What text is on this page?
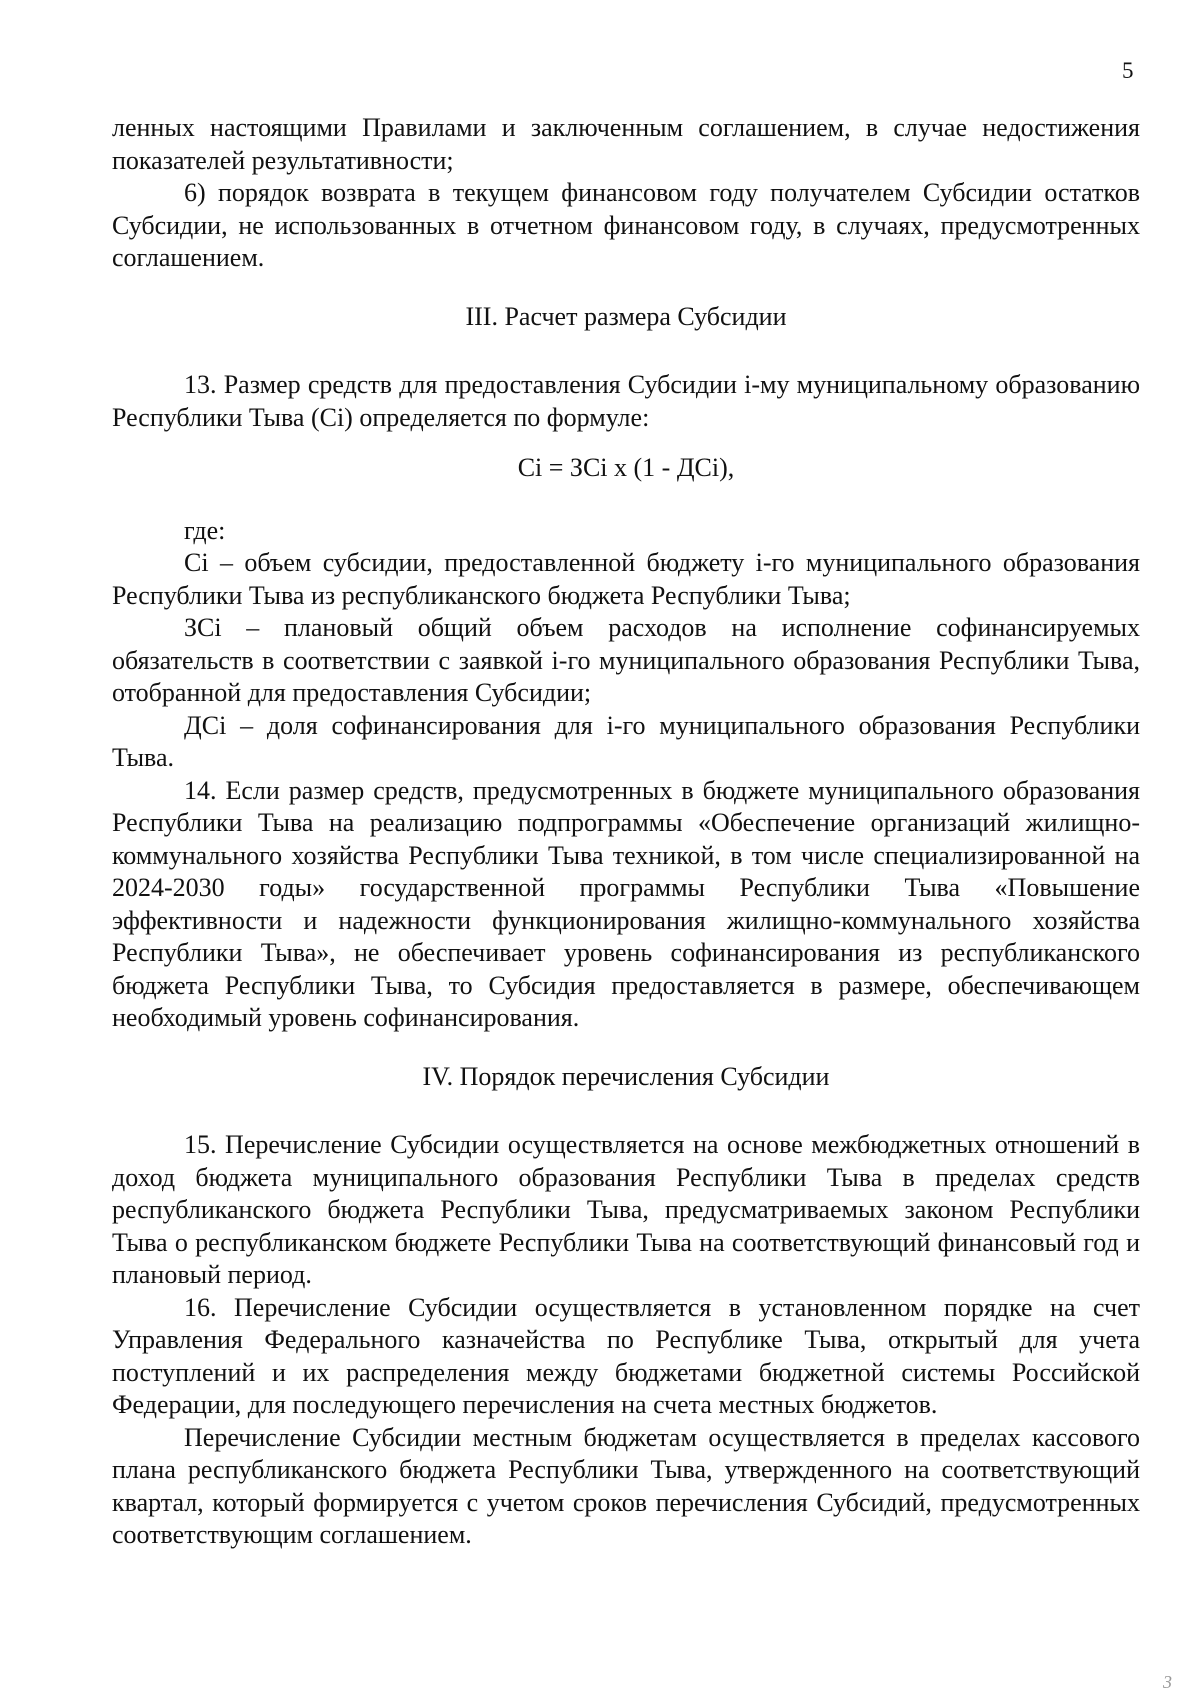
5

ленных настоящими Правилами и заключенным соглашением, в случае недостижения показателей результативности;

6) порядок возврата в текущем финансовом году получателем Субсидии остатков Субсидии, не использованных в отчетном финансовом году, в случаях, предусмотренных соглашением.

III. Расчет размера Субсидии

13. Размер средств для предоставления Субсидии i-му муниципальному образованию Республики Тыва (Ci) определяется по формуле:

Ci = ЗCi х (1 - ДCi),

где:

Ci – объем субсидии, предоставленной бюджету i-го муниципального образования Республики Тыва из республиканского бюджета Республики Тыва;

ЗCi – плановый общий объем расходов на исполнение софинансируемых обязательств в соответствии с заявкой i-го муниципального образования Республики Тыва, отобранной для предоставления Субсидии;

ДCi – доля софинансирования для i-го муниципального образования Республики Тыва.

14. Если размер средств, предусмотренных в бюджете муниципального образования Республики Тыва на реализацию подпрограммы «Обеспечение организаций жилищно-коммунального хозяйства Республики Тыва техникой, в том числе специализированной на 2024-2030 годы» государственной программы Республики Тыва «Повышение эффективности и надежности функционирования жилищно-коммунального хозяйства Республики Тыва», не обеспечивает уровень софинансирования из республиканского бюджета Республики Тыва, то Субсидия предоставляется в размере, обеспечивающем необходимый уровень софинансирования.

IV. Порядок перечисления Субсидии

15. Перечисление Субсидии осуществляется на основе межбюджетных отношений в доход бюджета муниципального образования Республики Тыва в пределах средств республиканского бюджета Республики Тыва, предусматриваемых законом Республики Тыва о республиканском бюджете Республики Тыва на соответствующий финансовый год и плановый период.

16. Перечисление Субсидии осуществляется в установленном порядке на счет Управления Федерального казначейства по Республике Тыва, открытый для учета поступлений и их распределения между бюджетами бюджетной системы Российской Федерации, для последующего перечисления на счета местных бюджетов.

Перечисление Субсидии местным бюджетам осуществляется в пределах кассового плана республиканского бюджета Республики Тыва, утвержденного на соответствующий квартал, который формируется с учетом сроков перечисления Субсидий, предусмотренных соответствующим соглашением.

3
